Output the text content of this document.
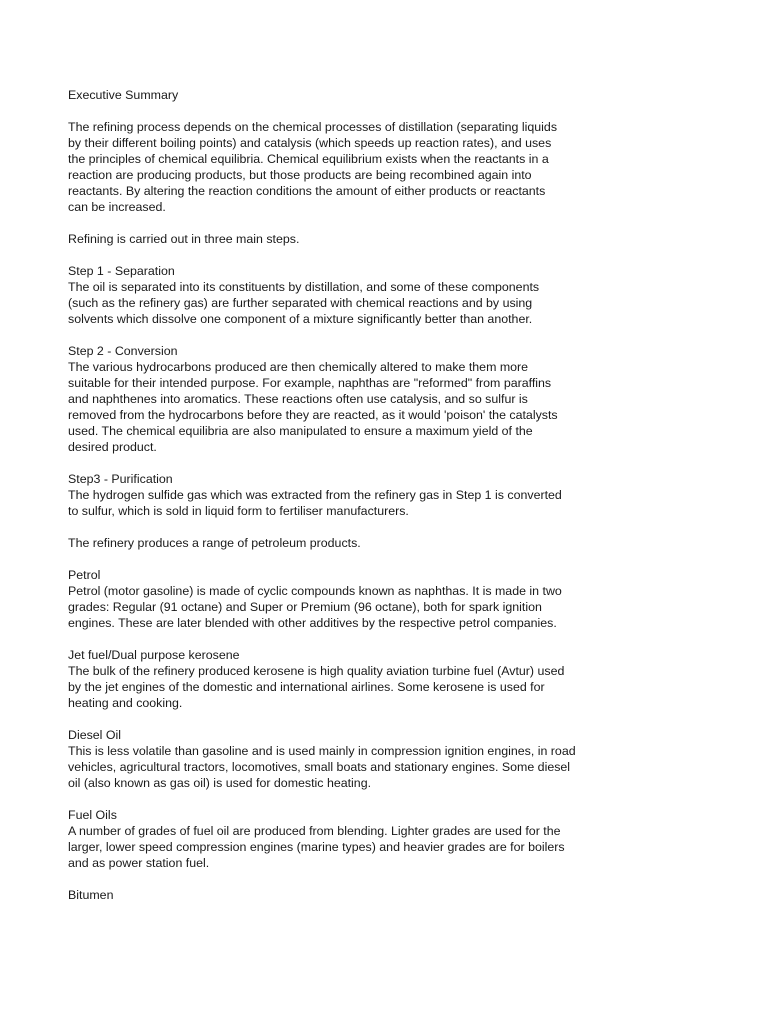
Executive Summary

The refining process depends on the chemical processes of distillation (separating liquids
by their different boiling points) and catalysis (which speeds up reaction rates), and uses
the principles of chemical equilibria. Chemical equilibrium exists when the reactants in a
reaction are producing products, but those products are being recombined again into
reactants. By altering the reaction conditions the amount of either products or reactants
can be increased.

Refining is carried out in three main steps.

Step 1 - Separation
The oil is separated into its constituents by distillation, and some of these components
(such as the refinery gas) are further separated with chemical reactions and by using
solvents which dissolve one component of a mixture significantly better than another.

Step 2 - Conversion
The various hydrocarbons produced are then chemically altered to make them more
suitable for their intended purpose. For example, naphthas are "reformed" from paraffins
and naphthenes into aromatics. These reactions often use catalysis, and so sulfur is
removed from the hydrocarbons before they are reacted, as it would 'poison' the catalysts
used. The chemical equilibria are also manipulated to ensure a maximum yield of the
desired product.

Step3 - Purification
The hydrogen sulfide gas which was extracted from the refinery gas in Step 1 is converted
to sulfur, which is sold in liquid form to fertiliser manufacturers.

The refinery produces a range of petroleum products.

Petrol
Petrol (motor gasoline) is made of cyclic compounds known as naphthas. It is made in two
grades: Regular (91 octane) and Super or Premium (96 octane), both for spark ignition
engines. These are later blended with other additives by the respective petrol companies.

Jet fuel/Dual purpose kerosene
The bulk of the refinery produced kerosene is high quality aviation turbine fuel (Avtur) used
by the jet engines of the domestic and international airlines. Some kerosene is used for
heating and cooking.

Diesel Oil
This is less volatile than gasoline and is used mainly in compression ignition engines, in road
vehicles, agricultural tractors, locomotives, small boats and stationary engines. Some diesel
oil (also known as gas oil) is used for domestic heating.

Fuel Oils
A number of grades of fuel oil are produced from blending. Lighter grades are used for the
larger, lower speed compression engines (marine types) and heavier grades are for boilers
and as power station fuel.

Bitumen
